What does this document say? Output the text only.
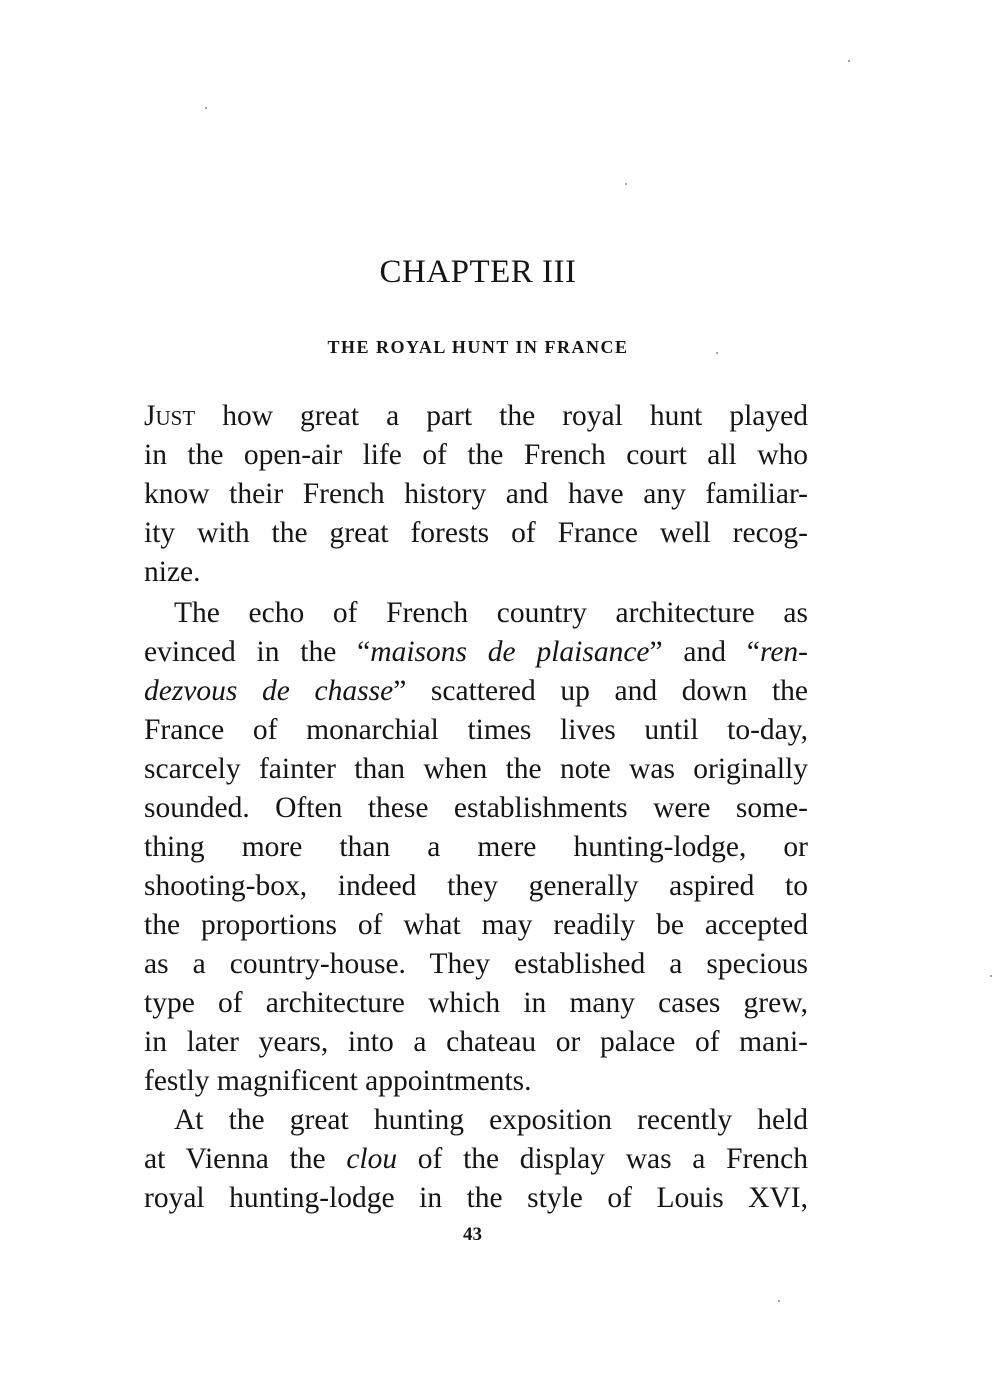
CHAPTER III
THE ROYAL HUNT IN FRANCE
Just how great a part the royal hunt played
in the open-air life of the French court all who
know their French history and have any familiar-
ity with the great forests of France well recog-
nize.
The echo of French country architecture as
evinced in the “maisons de plaisance” and “ren-
dezvous de chasse” scattered up and down the
France of monarchial times lives until to-day,
scarcely fainter than when the note was originally
sounded. Often these establishments were some-
thing more than a mere hunting-lodge, or
shooting-box, indeed they generally aspired to
the proportions of what may readily be accepted
as a country-house. They established a specious
type of architecture which in many cases grew,
in later years, into a chateau or palace of mani-
festly magnificent appointments.
At the great hunting exposition recently held
at Vienna the clou of the display was a French
royal hunting-lodge in the style of Louis XVI,
43
